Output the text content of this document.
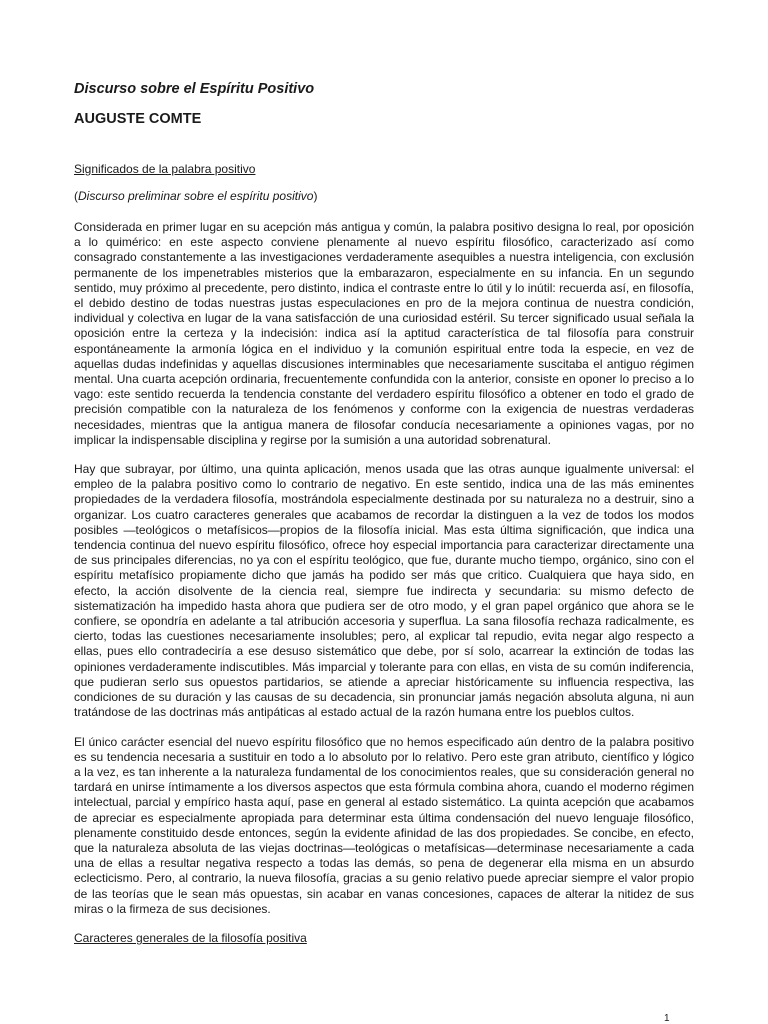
Discurso sobre el Espíritu Positivo

AUGUSTE COMTE

Significados de la palabra positivo

(Discurso preliminar sobre el espíritu positivo)

Considerada en primer lugar en su acepción más antigua y común, la palabra positivo designa lo real, por oposición a lo quimérico: en este aspecto conviene plenamente al nuevo espíritu filosófico, caracterizado así como consagrado constantemente a las investigaciones verdaderamente asequibles a nuestra inteligencia, con exclusión permanente de los impenetrables misterios que la embarazaron, especialmente en su infancia. En un segundo sentido, muy próximo al precedente, pero distinto, indica el contraste entre lo útil y lo inútil: recuerda así, en filosofía, el debido destino de todas nuestras justas especulaciones en pro de la mejora continua de nuestra condición, individual y colectiva en lugar de la vana satisfacción de una curiosidad estéril. Su tercer significado usual señala la oposición entre la certeza y la indecisión: indica así la aptitud característica de tal filosofía para construir espontáneamente la armonía lógica en el individuo y la comunión espiritual entre toda la especie, en vez de aquellas dudas indefinidas y aquellas discusiones interminables que necesariamente suscitaba el antiguo régimen mental. Una cuarta acepción ordinaria, frecuentemente confundida con la anterior, consiste en oponer lo preciso a lo vago: este sentido recuerda la tendencia constante del verdadero espíritu filosófico a obtener en todo el grado de precisión compatible con la naturaleza de los fenómenos y conforme con la exigencia de nuestras verdaderas necesidades, mientras que la antigua manera de filosofar conducía necesariamente a opiniones vagas, por no implicar la indispensable disciplina y regirse por la sumisión a una autoridad sobrenatural.

Hay que subrayar, por último, una quinta aplicación, menos usada que las otras aunque igualmente universal: el empleo de la palabra positivo como lo contrario de negativo. En este sentido, indica una de las más eminentes propiedades de la verdadera filosofía, mostrándola especialmente destinada por su naturaleza no a destruir, sino a organizar. Los cuatro caracteres generales que acabamos de recordar la distinguen a la vez de todos los modos posibles —teológicos o metafísicos—propios de la filosofía inicial. Mas esta última significación, que indica una tendencia continua del nuevo espíritu filosófico, ofrece hoy especial importancia para caracterizar directamente una de sus principales diferencias, no ya con el espíritu teológico, que fue, durante mucho tiempo, orgánico, sino con el espíritu metafísico propiamente dicho que jamás ha podido ser más que critico. Cualquiera que haya sido, en efecto, la acción disolvente de la ciencia real, siempre fue indirecta y secundaria: su mismo defecto de sistematización ha impedido hasta ahora que pudiera ser de otro modo, y el gran papel orgánico que ahora se le confiere, se opondría en adelante a tal atribución accesoria y superflua. La sana filosofía rechaza radicalmente, es cierto, todas las cuestiones necesariamente insolubles; pero, al explicar tal repudio, evita negar algo respecto a ellas, pues ello contradeciría a ese desuso sistemático que debe, por sí solo, acarrear la extinción de todas las opiniones verdaderamente indiscutibles. Más imparcial y tolerante para con ellas, en vista de su común indiferencia, que pudieran serlo sus opuestos partidarios, se atiende a apreciar históricamente su influencia respectiva, las condiciones de su duración y las causas de su decadencia, sin pronunciar jamás negación absoluta alguna, ni aun tratándose de las doctrinas más antipáticas al estado actual de la razón humana entre los pueblos cultos.

El único carácter esencial del nuevo espíritu filosófico que no hemos especificado aún dentro de la palabra positivo es su tendencia necesaria a sustituir en todo a lo absoluto por lo relativo. Pero este gran atributo, científico y lógico a la vez, es tan inherente a la naturaleza fundamental de los conocimientos reales, que su consideración general no tardará en unirse íntimamente a los diversos aspectos que esta fórmula combina ahora, cuando el moderno régimen intelectual, parcial y empírico hasta aquí, pase en general al estado sistemático. La quinta acepción que acabamos de apreciar es especialmente apropiada para determinar esta última condensación del nuevo lenguaje filosófico, plenamente constituido desde entonces, según la evidente afinidad de las dos propiedades. Se concibe, en efecto, que la naturaleza absoluta de las viejas doctrinas—teológicas o metafísicas—determinase necesariamente a cada una de ellas a resultar negativa respecto a todas las demás, so pena de degenerar ella misma en un absurdo eclecticismo. Pero, al contrario, la nueva filosofía, gracias a su genio relativo puede apreciar siempre el valor propio de las teorías que le sean más opuestas, sin acabar en vanas concesiones, capaces de alterar la nitidez de sus miras o la firmeza de sus decisiones.

Caracteres generales de la filosofía positiva

1
